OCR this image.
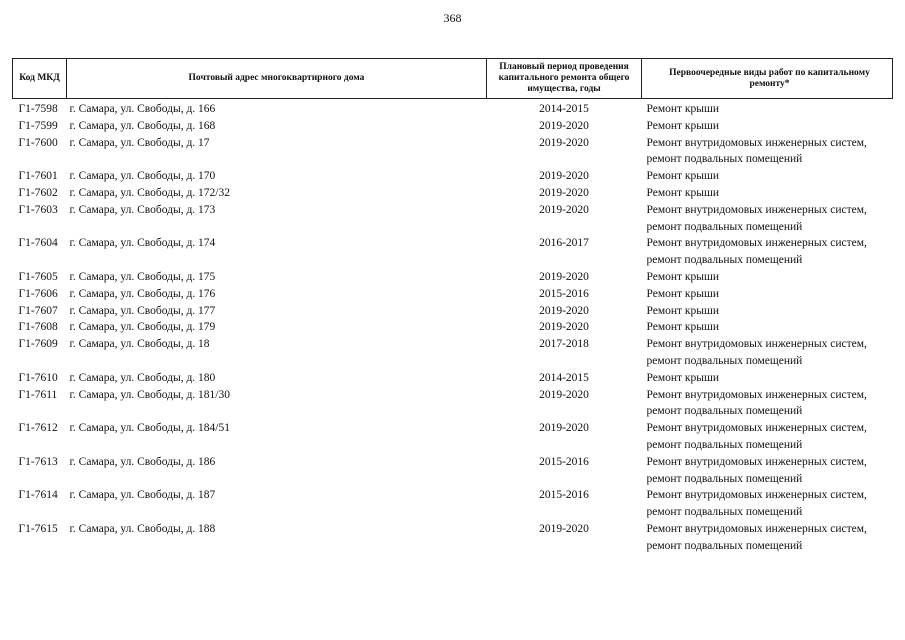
368
Код МКД	Почтовый адрес многоквартирного дома	Плановый период проведения капитального ремонта общего имущества, годы	Первоочередные виды работ по капитальному ремонту*
Г1-7598	г. Самара, ул. Свободы, д. 166	2014-2015	Ремонт крыши

Г1-7599	г. Самара, ул. Свободы, д. 168	2019-2020	Ремонт крыши

Г1-7600	г. Самара, ул. Свободы, д. 17	2019-2020	Ремонт внутридомовых инженерных систем,
ремонт подвальных помещений

Г1-7601	г. Самара, ул. Свободы, д. 170	2019-2020	Ремонт крыши

Г1-7602	г. Самара, ул. Свободы, д. 172/32	2019-2020	Ремонт крыши

Г1-7603	г. Самара, ул. Свободы, д. 173	2019-2020	Ремонт внутридомовых инженерных систем,
ремонт подвальных помещений

Г1-7604	г. Самара, ул. Свободы, д. 174	2016-2017	Ремонт внутридомовых инженерных систем,
ремонт подвальных помещений

Г1-7605	г. Самара, ул. Свободы, д. 175	2019-2020	Ремонт крыши

Г1-7606	г. Самара, ул. Свободы, д. 176	2015-2016	Ремонт крыши

Г1-7607	г. Самара, ул. Свободы, д. 177	2019-2020	Ремонт крыши

Г1-7608	г. Самара, ул. Свободы, д. 179	2019-2020	Ремонт крыши

Г1-7609	г. Самара, ул. Свободы, д. 18	2017-2018	Ремонт внутридомовых инженерных систем,
ремонт подвальных помещений

Г1-7610	г. Самара, ул. Свободы, д. 180	2014-2015	Ремонт крыши

Г1-7611	г. Самара, ул. Свободы, д. 181/30	2019-2020	Ремонт внутридомовых инженерных систем,
ремонт подвальных помещений

Г1-7612	г. Самара, ул. Свободы, д. 184/51	2019-2020	Ремонт внутридомовых инженерных систем,
ремонт подвальных помещений

Г1-7613	г. Самара, ул. Свободы, д. 186	2015-2016	Ремонт внутридомовых инженерных систем,
ремонт подвальных помещений

Г1-7614	г. Самара, ул. Свободы, д. 187	2015-2016	Ремонт внутридомовых инженерных систем,
ремонт подвальных помещений

Г1-7615	г. Самара, ул. Свободы, д. 188	2019-2020	Ремонт внутридомовых инженерных систем,
ремонт подвальных помещений
